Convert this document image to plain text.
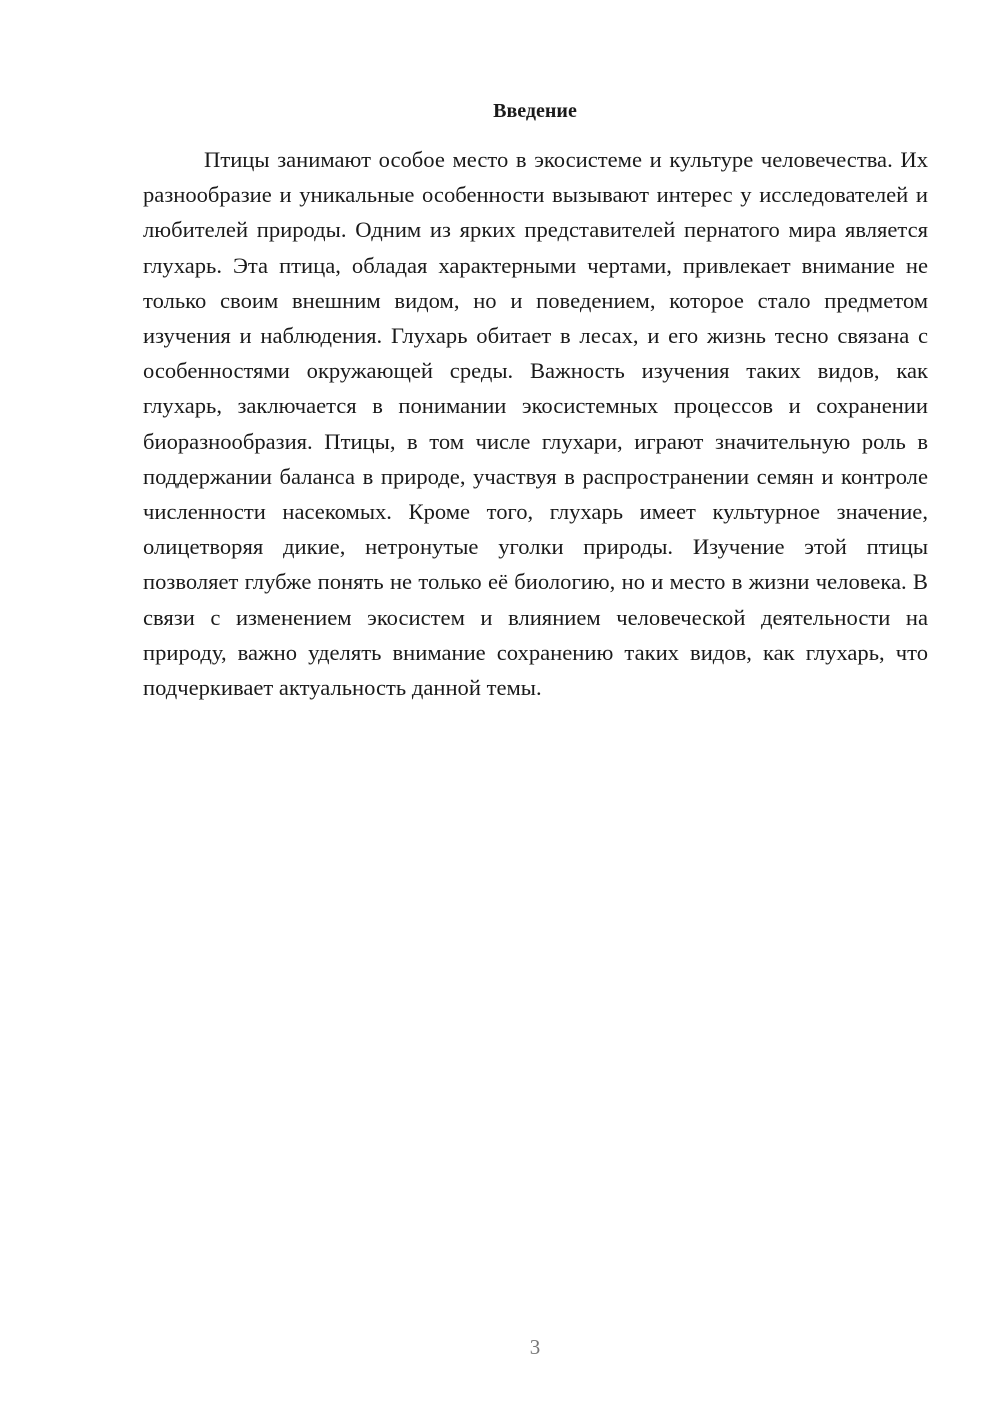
Введение

Птицы занимают особое место в экосистеме и культуре человечества. Их разнообразие и уникальные особенности вызывают интерес у исследователей и любителей природы. Одним из ярких представителей пернатого мира является глухарь. Эта птица, обладая характерными чертами, привлекает внимание не только своим внешним видом, но и поведением, которое стало предметом изучения и наблюдения. Глухарь обитает в лесах, и его жизнь тесно связана с особенностями окружающей среды. Важность изучения таких видов, как глухарь, заключается в понимании экосистемных процессов и сохранении биоразнообразия. Птицы, в том числе глухари, играют значительную роль в поддержании баланса в природе, участвуя в распространении семян и контроле численности насекомых. Кроме того, глухарь имеет культурное значение, олицетворяя дикие, нетронутые уголки природы. Изучение этой птицы позволяет глубже понять не только её биологию, но и место в жизни человека. В связи с изменением экосистем и влиянием человеческой деятельности на природу, важно уделять внимание сохранению таких видов, как глухарь, что подчеркивает актуальность данной темы.

3
